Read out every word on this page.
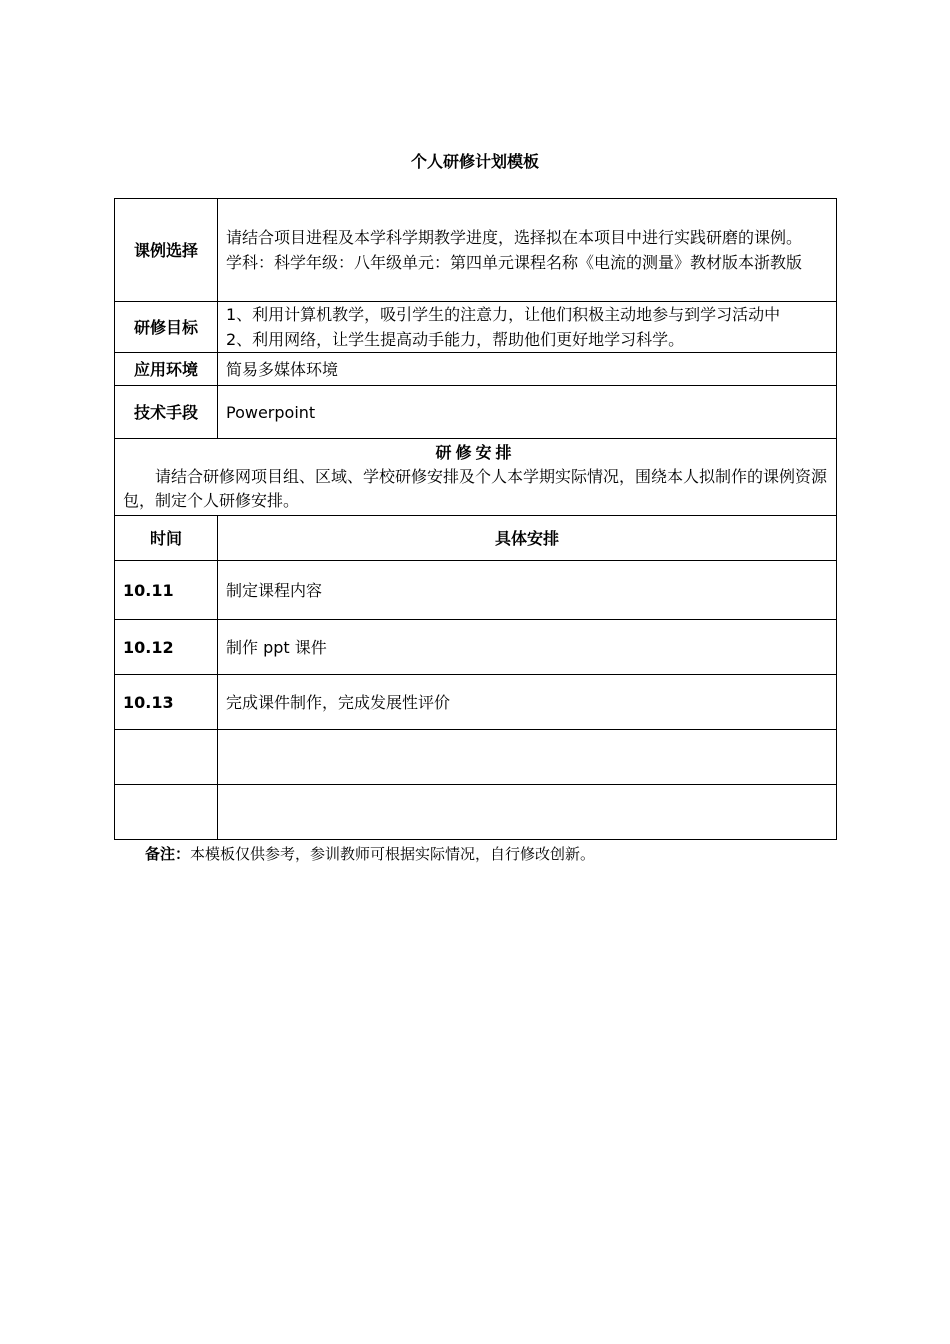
个人研修计划模板
课例选择	请结合项目进程及本学科学期教学进度，选择拟在本项目中进行实践研磨的课例。
学科：科学年级：八年级单元：第四单元课程名称《电流的测量》教材版本浙教版

研修目标	1、利用计算机教学，吸引学生的注意力，让他们积极主动地参与到学习活动中
2、利用网络，让学生提高动手能力，帮助他们更好地学习科学。

应用环境	简易多媒体环境
技术手段	Powerpoint

研修安排
请结合研修网项目组、区域、学校研修安排及个人本学期实际情况，围绕本人拟制作的课例资源包，制定个人研修安排。	

时间	具体安排
10.11	制定课程内容
10.12	制作 ppt 课件
10.13	完成课件制作，完成发展性评价

备注：本模板仅供参考，参训教师可根据实际情况，自行修改创新。
